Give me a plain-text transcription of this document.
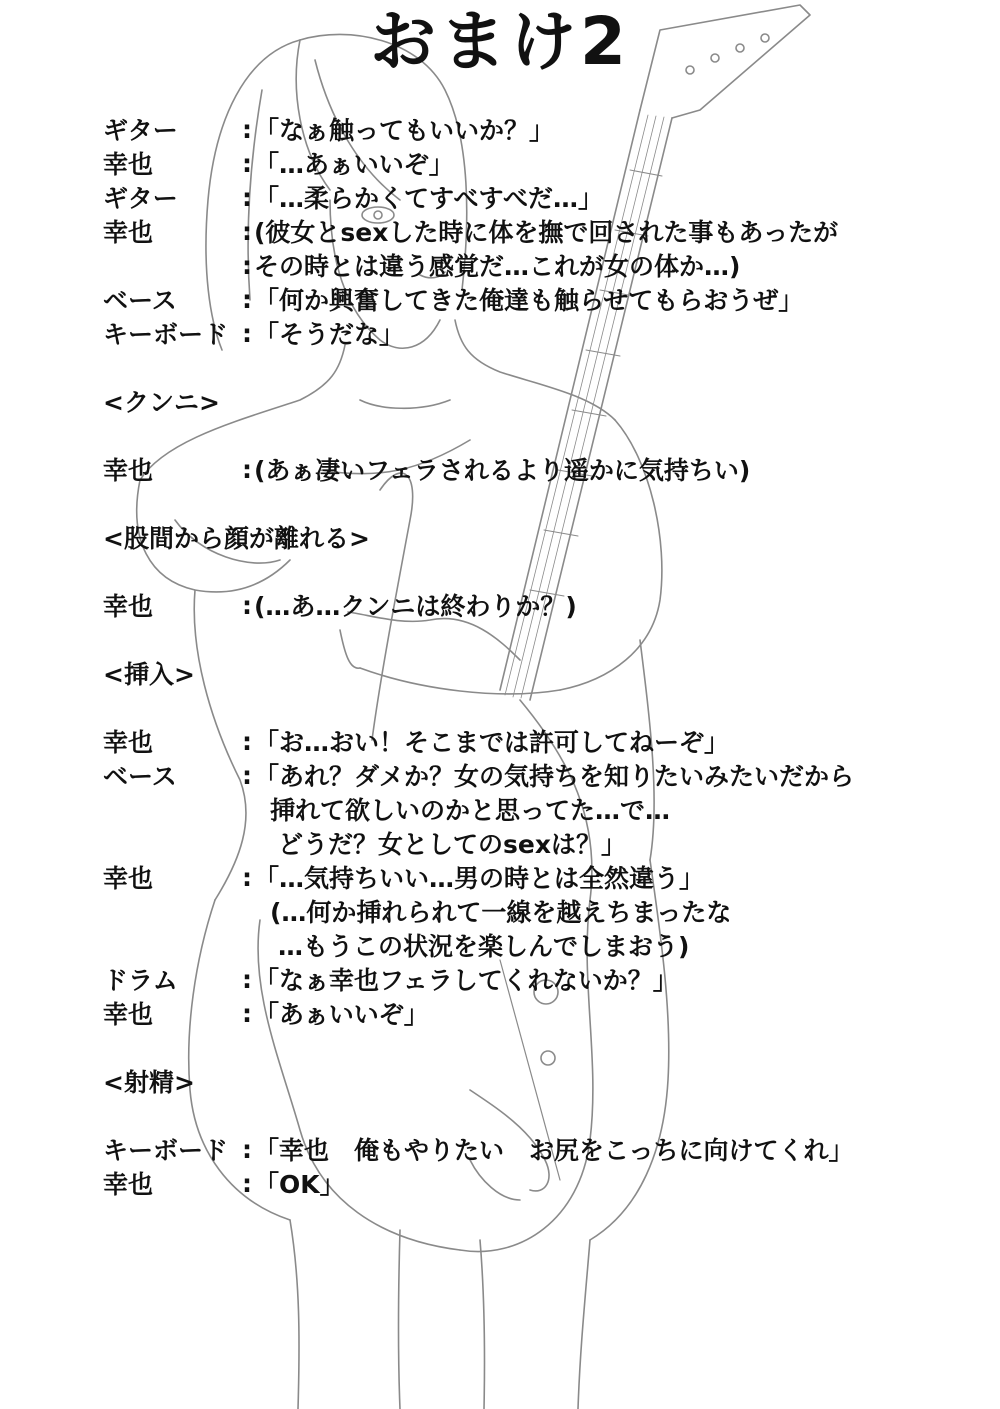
おまけ2
ギター	: 「なぁ触ってもいいか？」
幸也	: 「…あぁいいぞ」
ギター	: 「…柔らかくてすべすべだ…」
幸也	: (彼女とsexした時に体を撫で回された事もあったが
: その時とは違う感覚だ…これが女の体か…)
ベース	: 「何か興奮してきた俺達も触らせてもらおうぜ」
キーボード : 「そうだな」
<クンニ>
幸也	: (あぁ凄いフェラされるより遥かに気持ちい)
<股間から顔が離れる>
幸也	: (…あ…クンニは終わりか？)
<挿入>
幸也	: 「お…おい！そこまでは許可してねーぞ」
ベース	: 「あれ？ダメか？女の気持ちを知りたいみたいだから
挿れて欲しいのかと思ってた…で…
どうだ？女としてのsexは？」
幸也	: 「…気持ちいい…男の時とは全然違う」
(…何か挿れられて一線を越えちまったな
…もうこの状況を楽しんでしまおう)
ドラム	: 「なぁ幸也フェラしてくれないか？」
幸也	: 「あぁいいぞ」
<射精>
キーボード : 「幸也　俺もやりたい　お尻をこっちに向けてくれ」
幸也	: 「OK」
